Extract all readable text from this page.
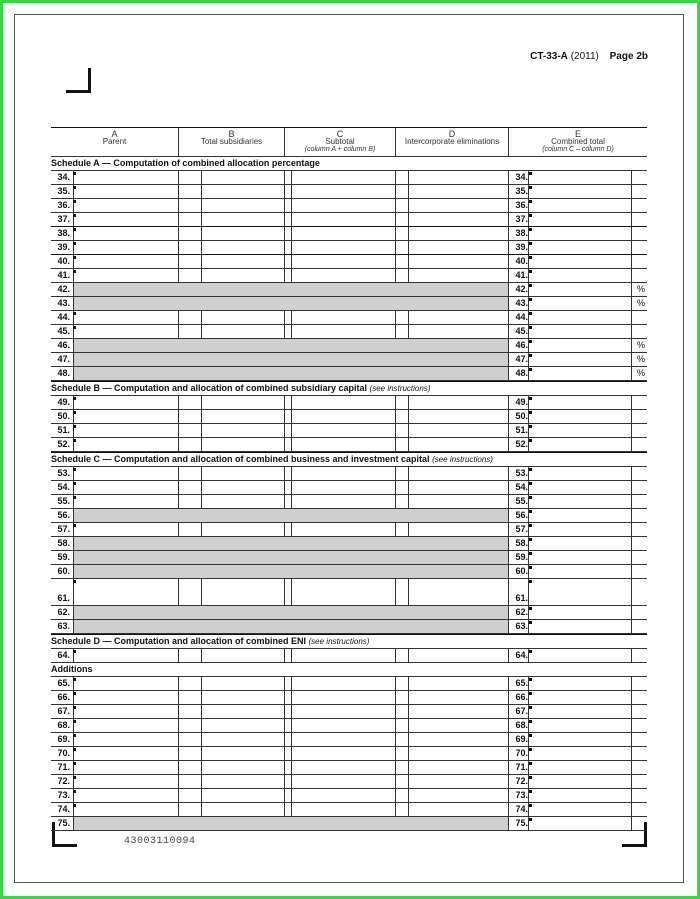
CT-33-A (2011) Page 2b
A
Parent
B
Total subsidiaries
C
Subtotal
(column A + column B)
D
Intercorporate eliminations
E
Combined total
(column C – column D)
Schedule A — Computation of combined allocation percentage
34.	34.
35.	35.
36.	36.
37.	37.
38.	38.
39.	39.
40.	40.
41.	41.
42.	42.	%
43.	43.	%
44.	44.
45.	45.
46.	46.	%
47.	47.	%
48.	48.	%
Schedule B — Computation and allocation of combined subsidiary capital (see instructions)
49.	49.
50.	50.
51.	51.
52.	52.
Schedule C — Computation and allocation of combined business and investment capital (see instructions)
53.	53.
54.	54.
55.	55.
56.	56.
57.	57.
58.	58.
59.	59.
60.	60.
61.	61.
62.	62.
63.	63.
Schedule D — Computation and allocation of combined ENI (see instructions)
64.	64.
Additions
65.	65.
66.	66.
67.	67.
68.	68.
69.	69.
70.	70.
71.	71.
72.	72.
73.	73.
74.	74.
75.	75.
43003110094
